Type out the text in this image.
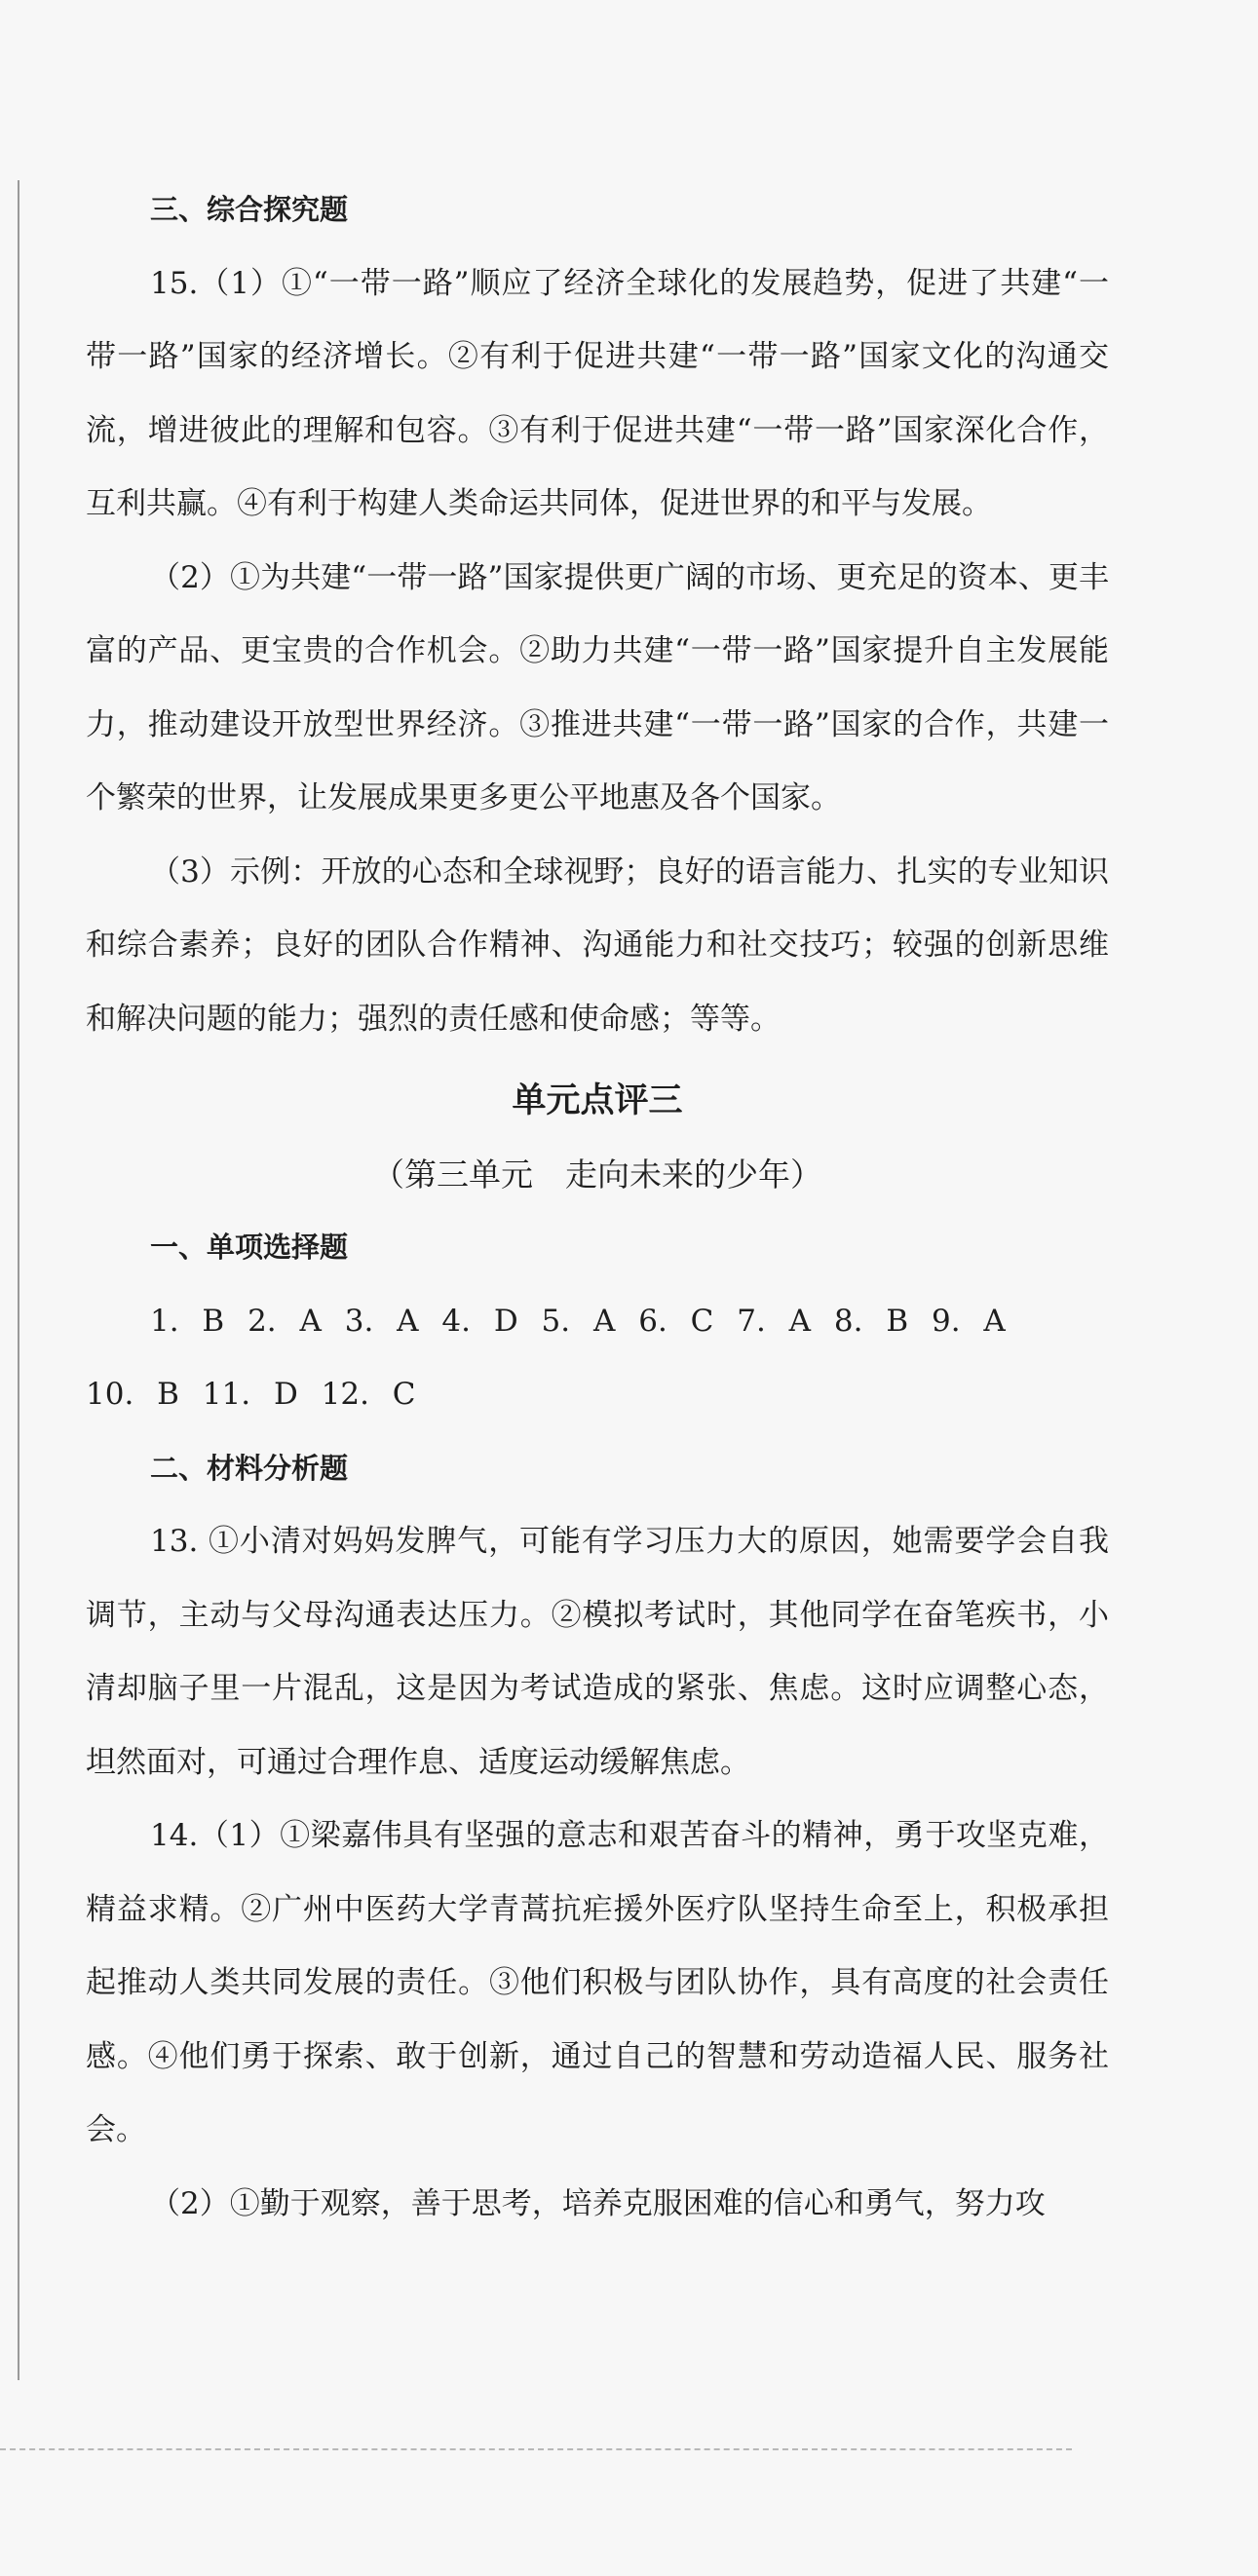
三、综合探究题

15.（1）①“一带一路”顺应了经济全球化的发展趋势，促进了共建“一带一路”国家的经济增长。②有利于促进共建“一带一路”国家文化的沟通交流，增进彼此的理解和包容。③有利于促进共建“一带一路”国家深化合作，互利共赢。④有利于构建人类命运共同体，促进世界的和平与发展。

（2）①为共建“一带一路”国家提供更广阔的市场、更充足的资本、更丰富的产品、更宝贵的合作机会。②助力共建“一带一路”国家提升自主发展能力，推动建设开放型世界经济。③推进共建“一带一路”国家的合作，共建一个繁荣的世界，让发展成果更多更公平地惠及各个国家。

（3）示例：开放的心态和全球视野；良好的语言能力、扎实的专业知识和综合素养；良好的团队合作精神、沟通能力和社交技巧；较强的创新思维和解决问题的能力；强烈的责任感和使命感；等等。

单元点评三

（第三单元　走向未来的少年）

一、单项选择题

1. B 2. A 3. A 4. D 5. A 6. C 7. A 8. B 9. A

10. B 11. D 12. C

二、材料分析题

13. ①小清对妈妈发脾气，可能有学习压力大的原因，她需要学会自我调节，主动与父母沟通表达压力。②模拟考试时，其他同学在奋笔疾书，小清却脑子里一片混乱，这是因为考试造成的紧张、焦虑。这时应调整心态，坦然面对，可通过合理作息、适度运动缓解焦虑。

14.（1）①梁嘉伟具有坚强的意志和艰苦奋斗的精神，勇于攻坚克难，精益求精。②广州中医药大学青蒿抗疟援外医疗队坚持生命至上，积极承担起推动人类共同发展的责任。③他们积极与团队协作，具有高度的社会责任感。④他们勇于探索、敢于创新，通过自己的智慧和劳动造福人民、服务社会。

（2）①勤于观察，善于思考，培养克服困难的信心和勇气，努力攻
